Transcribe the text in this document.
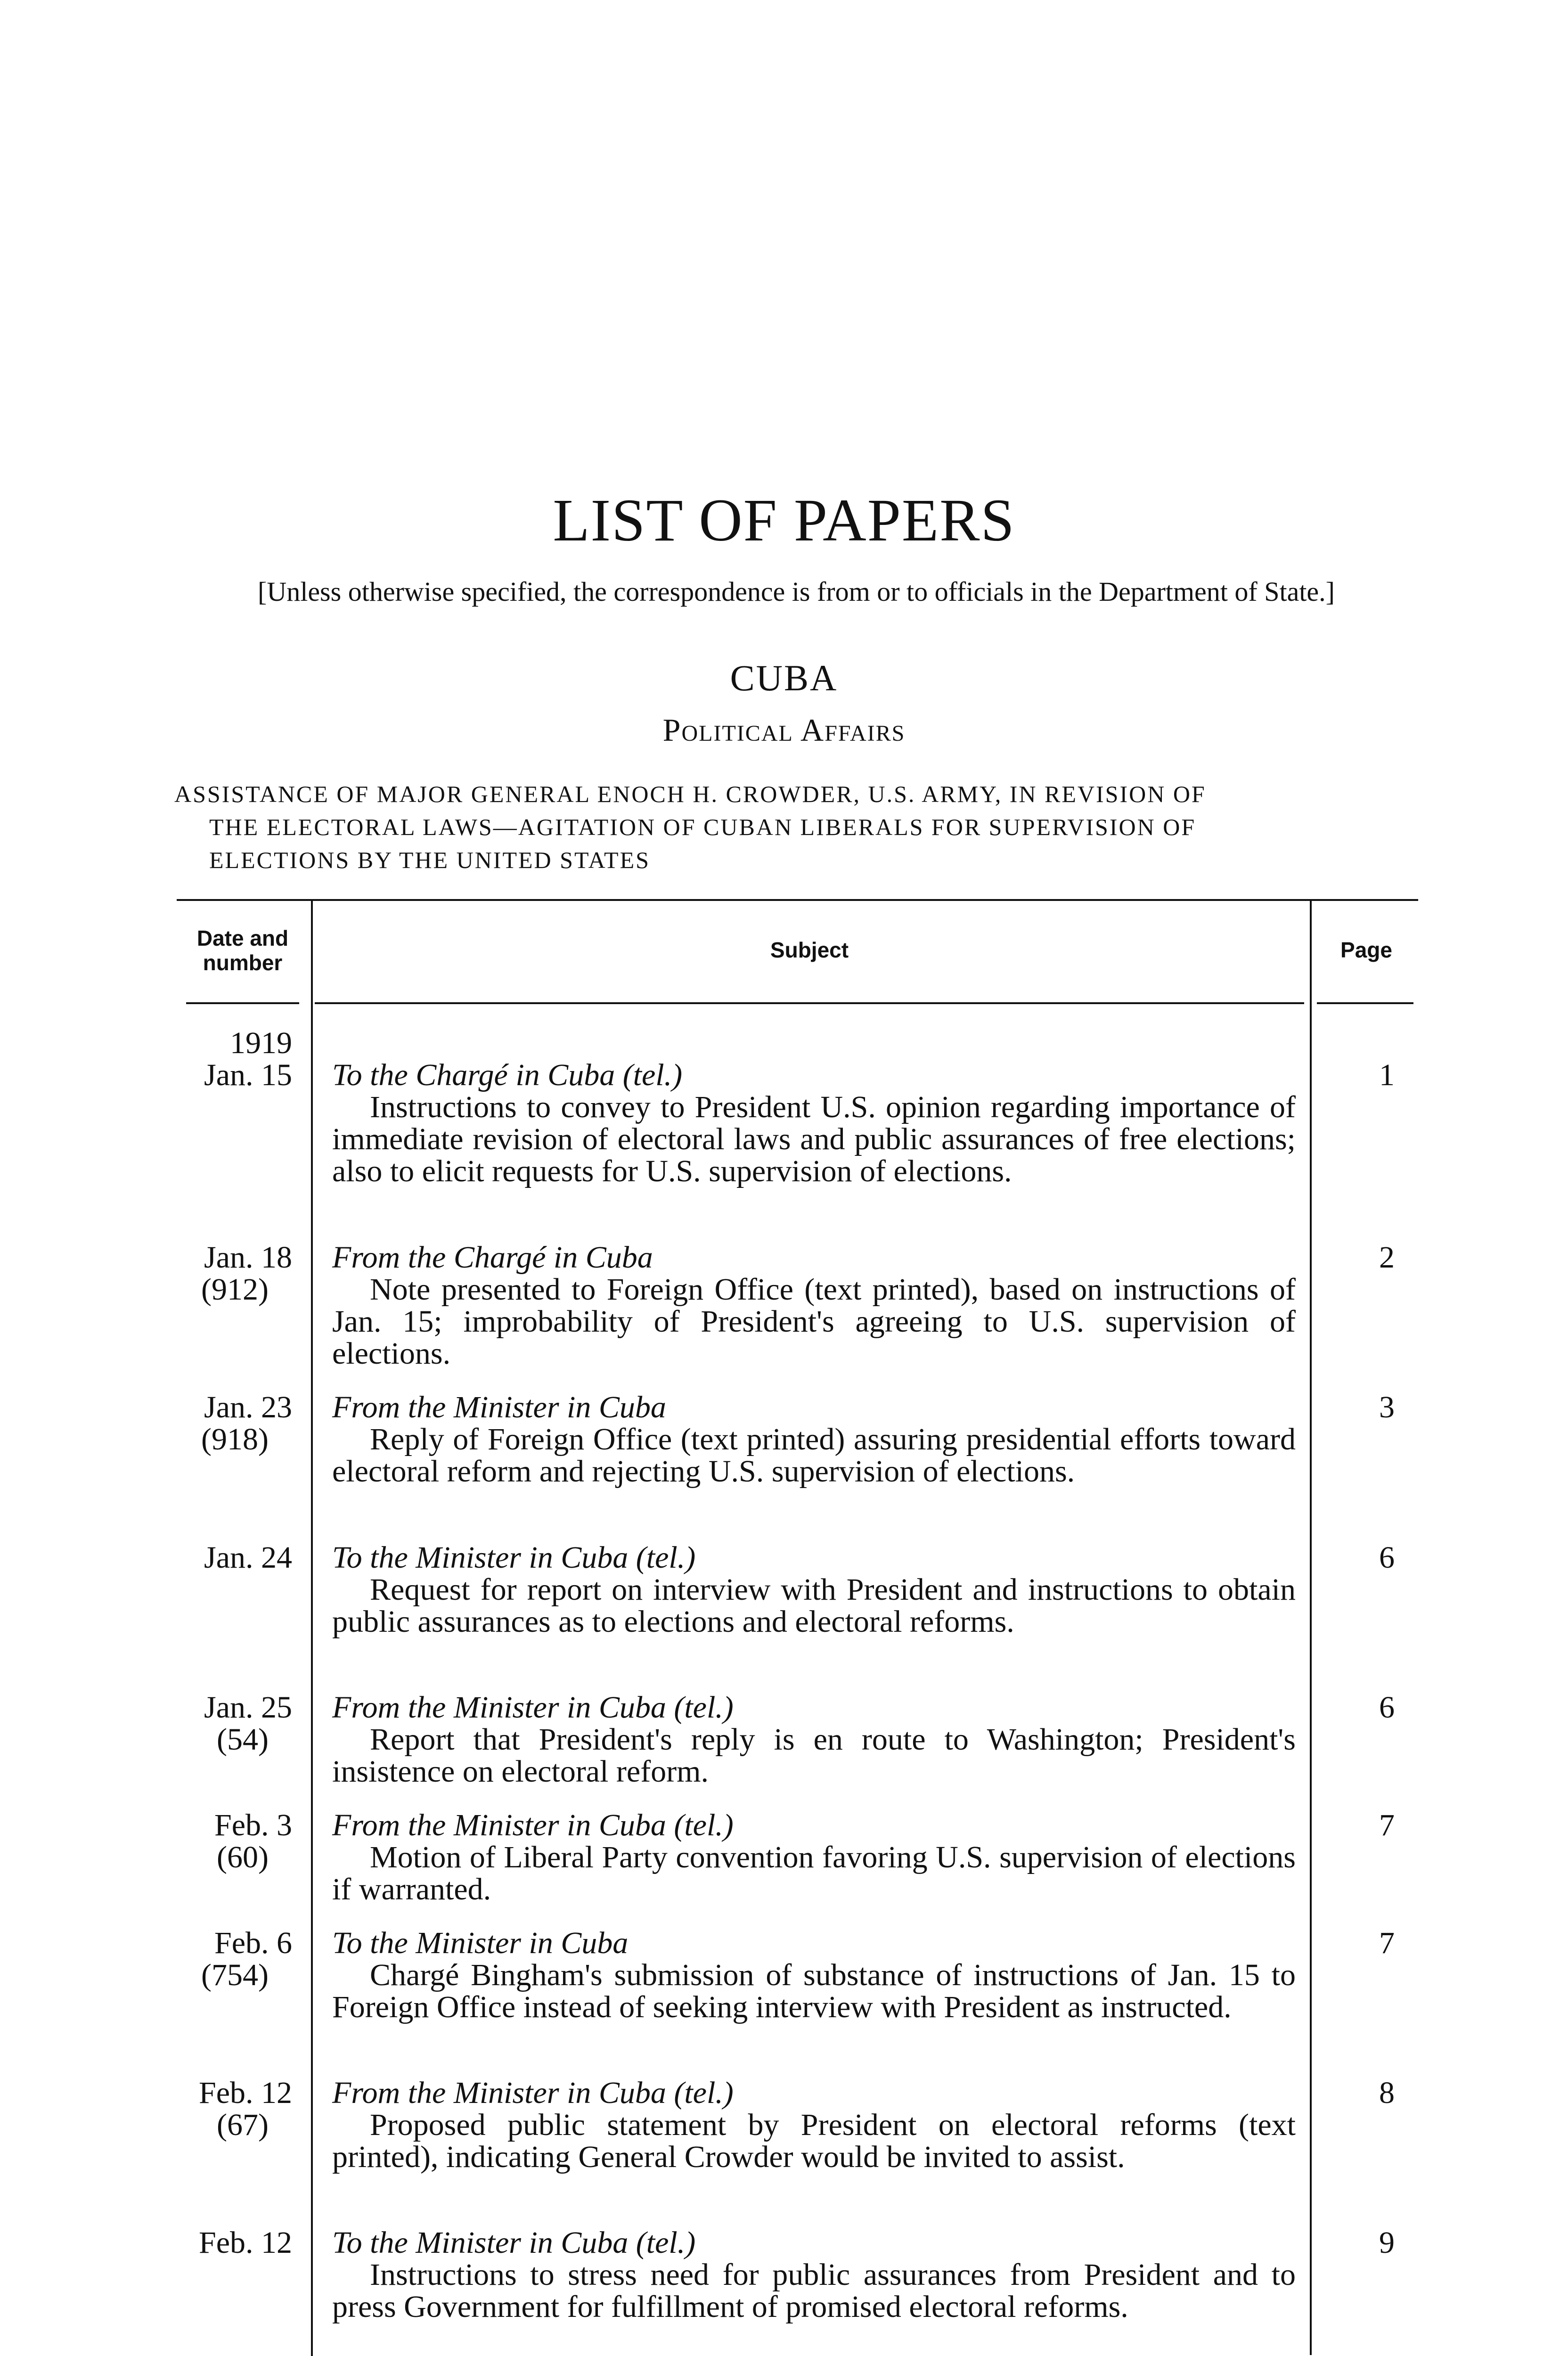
LIST OF PAPERS
[Unless otherwise specified, the correspondence is from or to officials in the Department of State.]
CUBA
Political Affairs
ASSISTANCE OF MAJOR GENERAL ENOCH H. CROWDER, U.S. ARMY, IN REVISION OF
THE ELECTORAL LAWS—AGITATION OF CUBAN LIBERALS FOR SUPERVISION OF
ELECTIONS BY THE UNITED STATES
Date and number
Subject	Page
1919
Jan. 15 To the Chargé in Cuba (tel.)
Instructions to convey to President U.S. opinion regarding importance of immediate revision of electoral laws and public assurances of free elections; also to elicit requests for U.S. supervision of elections.
1
Jan. 18
(912)
From the Chargé in Cuba
Note presented to Foreign Office (text printed), based on instructions of Jan. 15; improbability of President's agreeing to U.S. supervision of elections.
2
Jan. 23
(918)
From the Minister in Cuba
Reply of Foreign Office (text printed) assuring presidential efforts toward electoral reform and rejecting U.S. supervision of elections.
3
Jan. 24 To the Minister in Cuba (tel.)
Request for report on interview with President and instructions to obtain public assurances as to elections and electoral reforms.
6
Jan. 25
(54)
From the Minister in Cuba (tel.)
Report that President's reply is en route to Washington; President's insistence on electoral reform.
6
Feb. 3
(60)
From the Minister in Cuba (tel.)
Motion of Liberal Party convention favoring U.S. supervision of elections if warranted.
7
Feb. 6
(754)
To the Minister in Cuba
Chargé Bingham's submission of substance of instructions of Jan. 15 to Foreign Office instead of seeking interview with President as instructed.
7
Feb. 12
(67)
From the Minister in Cuba (tel.)
Proposed public statement by President on electoral reforms (text printed), indicating General Crowder would be invited to assist.
8
Feb. 12 To the Minister in Cuba (tel.)
Instructions to stress need for public assurances from President and to press Government for fulfillment of promised electoral reforms.
9
